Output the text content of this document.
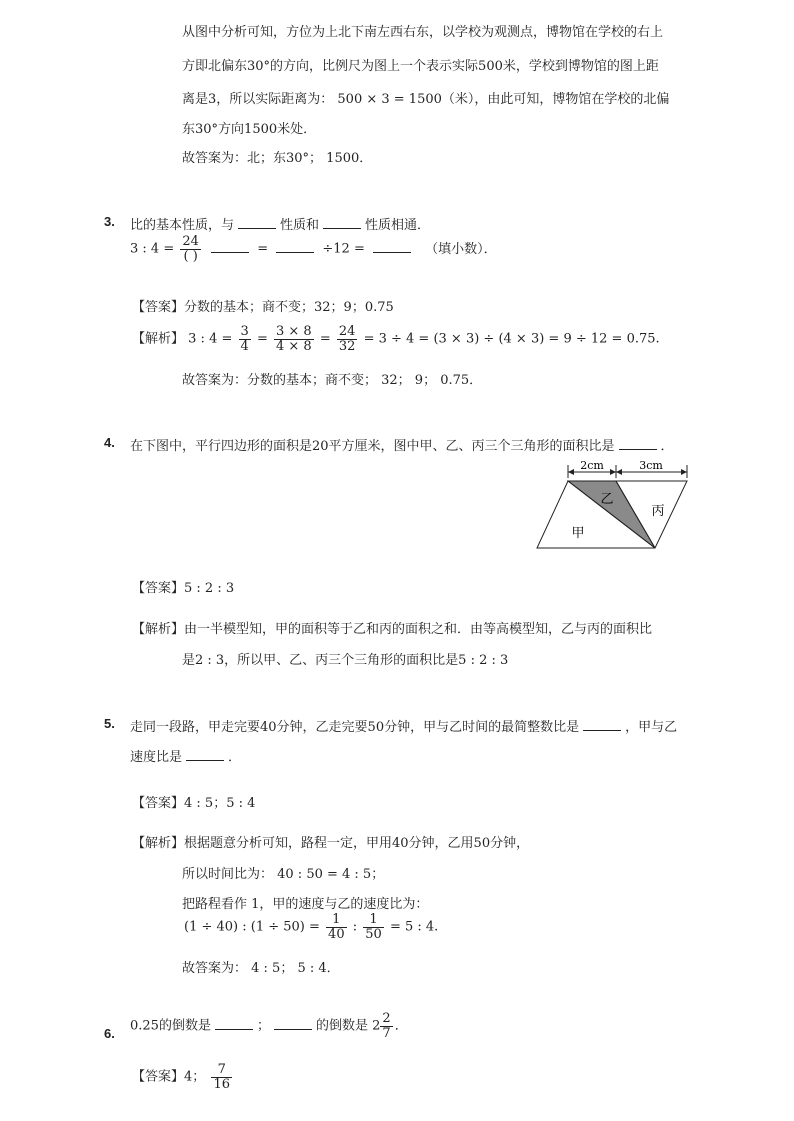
从图中分析可知，方位为上北下南左西右东，以学校为观测点，博物馆在学校的右上
方即北偏东30°的方向，比例尺为图上一个表示实际500米，学校到博物馆的图上距
离是3，所以实际距离为： 500 × 3 = 1500（米），由此可知，博物馆在学校的北偏
东30°方向1500米处．
故答案为：北；东30°； 1500．
3. 比的基本性质，与	性质和	性质相通．
3 : $4 = \frac{24}{( )}$	=	÷12 =	（填小数）．
【答案】分数的基本；商不变；32；9；0.75
【解析】 3 : $4 = \frac{3}{4} = \frac{3 \times 8}{4 \times 8} = \frac{24}{32} = 3 \div 4 = (3 \times 3) \div (4 \times 3) = 9 \div 12 = 0.75$.
故答案为：分数的基本；商不变； 32； 9； 0.75．
4. 在下图中，平行四边形的面积是20平方厘米，图中甲、乙、丙三个三角形的面积比是	．
2cm	3cm
乙
丙
甲
【答案】5 : 2 : 3
【解析】由一半模型知，甲的面积等于乙和丙的面积之和．由等高模型知，乙与丙的面积比
是2 : 3，所以甲、乙、丙三个三角形的面积比是5 : 2 : 3
5. 走同一段路，甲走完要40分钟，乙走完要50分钟，甲与乙时间的最简整数比是	，甲与乙
速度比是	．
【答案】4 : 5；5 : 4
【解析】根据题意分析可知，路程一定，甲用40分钟，乙用50分钟，
所以时间比为： 40 : 50 = 4 : 5；
把路程看作 1，甲的速度与乙的速度比为：
(1 ÷ 40) : $(1 \div 50) = \frac{1}{40}$ : $\frac{1}{50} = 5$ : 4.
故答案为： 4 : 5； 5 : 4．
6. 0.25的倒数是	；	的倒数是 $2 \frac{2}{7}$ ．
【答案】4； $\frac{7}{16}$
